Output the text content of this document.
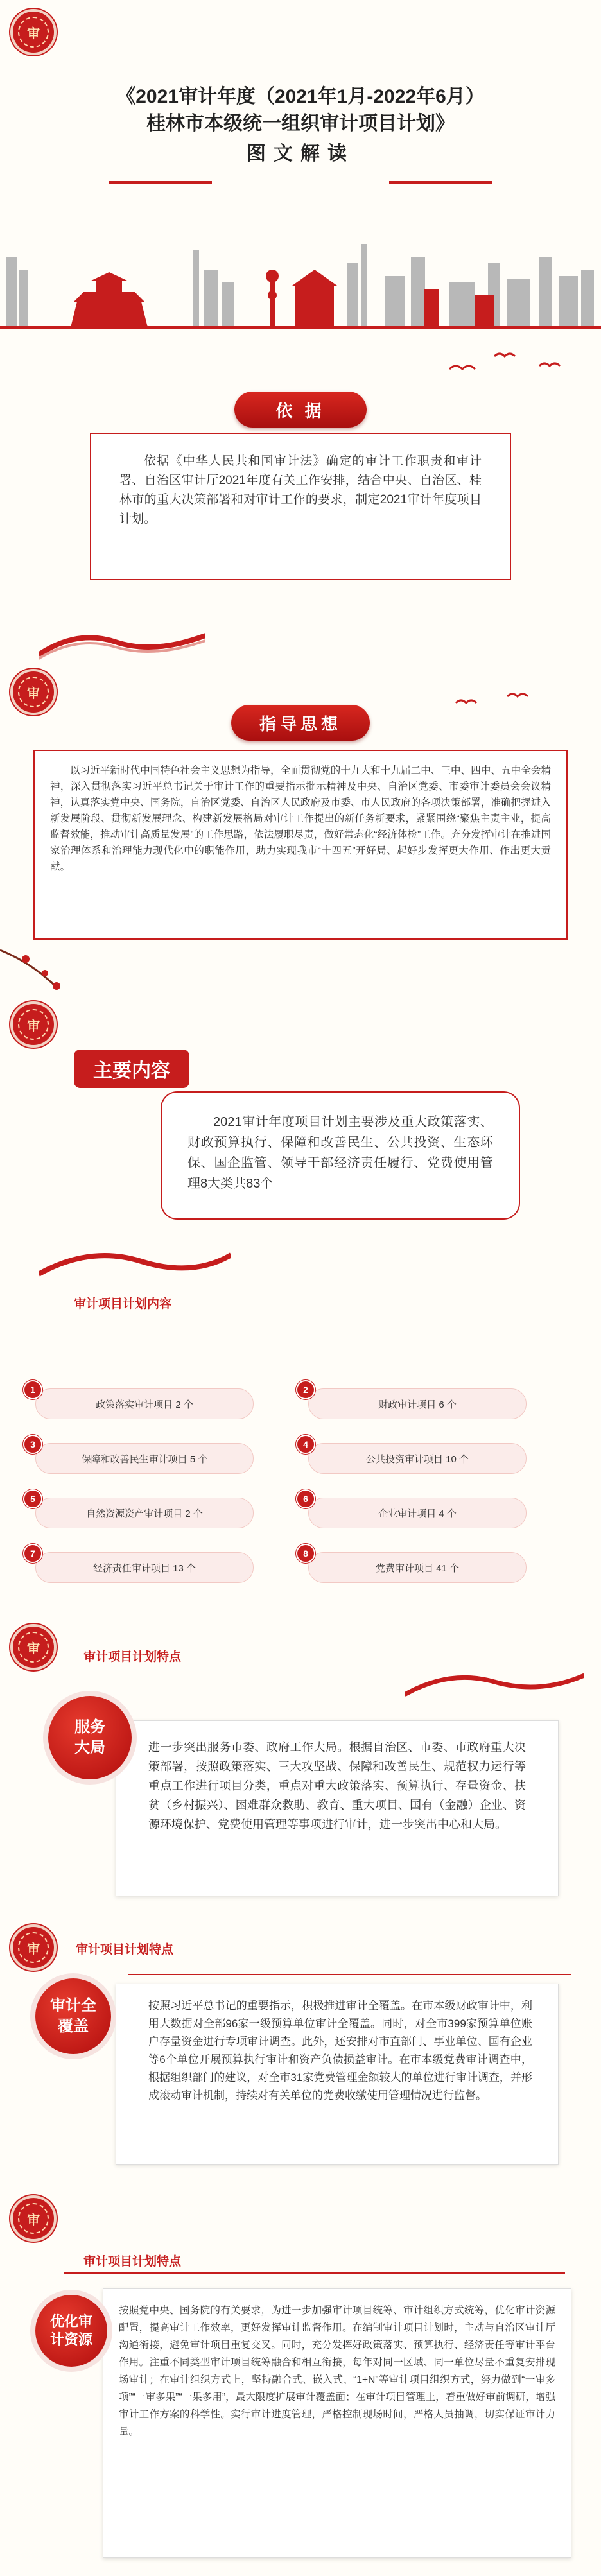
审
《2021审计年度（2021年1月-2022年6月）
桂林市本级统一组织审计项目计划》
图文解读
依 据
依据《中华人民共和国审计法》确定的审计工作职责和审计署、自治区审计厅2021年度有关工作安排，结合中央、自治区、桂林市的重大决策部署和对审计工作的要求，制定2021审计年度项目计划。
审
指导思想
以习近平新时代中国特色社会主义思想为指导，全面贯彻党的十九大和十九届二中、三中、四中、五中全会精神，深入贯彻落实习近平总书记关于审计工作的重要指示批示精神及中央、自治区党委、市委审计委员会会议精神，认真落实党中央、国务院，自治区党委、自治区人民政府及市委、市人民政府的各项决策部署，准确把握进入新发展阶段、贯彻新发展理念、构建新发展格局对审计工作提出的新任务新要求，紧紧围绕“聚焦主责主业，提高监督效能，推动审计高质量发展”的工作思路，依法履职尽责，做好常态化“经济体检”工作。充分发挥审计在推进国家治理体系和治理能力现代化中的职能作用，助力实现我市“十四五”开好局、起好步发挥更大作用、作出更大贡献。
审
主要内容
2021审计年度项目计划主要涉及重大政策落实、财政预算执行、保障和改善民生、公共投资、生态环保、国企监管、领导干部经济责任履行、党费使用管理8大类共83个
审计项目计划内容
政策落实审计项目 2 个
1
财政审计项目 6 个
2
保障和改善民生审计项目 5 个
3
公共投资审计项目 10 个
4
自然资源资产审计项目 2 个
5
企业审计项目 4 个
6
经济责任审计项目 13 个
7
党费审计项目 41 个
8
审
审计项目计划特点
进一步突出服务市委、政府工作大局。根据自治区、市委、市政府重大决策部署，按照政策落实、三大攻坚战、保障和改善民生、规范权力运行等重点工作进行项目分类，重点对重大政策落实、预算执行、存量资金、扶贫（乡村振兴）、困难群众救助、教育、重大项目、国有（金融）企业、资源环境保护、党费使用管理等事项进行审计，进一步突出中心和大局。
服务
大局
审	审计项目计划特点
按照习近平总书记的重要指示，积极推进审计全覆盖。在市本级财政审计中，利用大数据对全部96家一级预算单位审计全覆盖。同时，对全市399家预算单位账户存量资金进行专项审计调查。此外，还安排对市直部门、事业单位、国有企业等6个单位开展预算执行审计和资产负债损益审计。在市本级党费审计调查中，根据组织部门的建议，对全市31家党费管理金额较大的单位进行审计调查，并形成滚动审计机制，持续对有关单位的党费收缴使用管理情况进行监督。
审计全
覆盖
审
审计项目计划特点
按照党中央、国务院的有关要求，为进一步加强审计项目统筹、审计组织方式统筹，优化审计资源配置，提高审计工作效率，更好发挥审计监督作用。在编制审计项目计划时，主动与自治区审计厅沟通衔接，避免审计项目重复交叉。同时，充分发挥好政策落实、预算执行、经济责任等审计平台作用。注重不同类型审计项目统筹融合和相互衔接，每年对同一区域、同一单位尽量不重复安排现场审计；在审计组织方式上，坚持融合式、嵌入式、“1+N”等审计项目组织方式，努力做到“一审多项”“一审多果”“一果多用”，最大限度扩展审计覆盖面；在审计项目管理上，着重做好审前调研，增强审计工作方案的科学性。实行审计进度管理，严格控制现场时间，严格人员抽调，切实保证审计力量。
优化审
计资源
